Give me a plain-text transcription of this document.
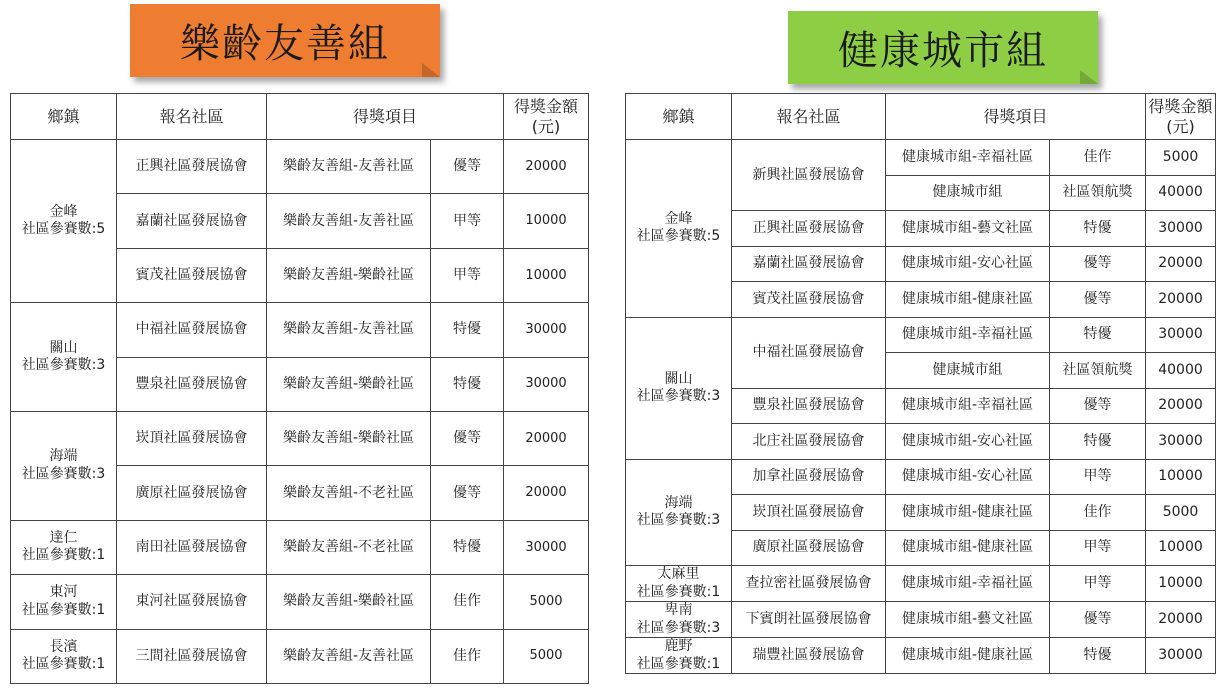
樂齡友善組	健康城市組
鄉鎮	報名社區	得獎項目		得獎金額(元)

金峰
社區參賽數:5	正興社區發展協會	樂齡友善組-友善社區	優等	20000
	嘉蘭社區發展協會	樂齡友善組-友善社區	甲等	10000
	賓茂社區發展協會	樂齡友善組-樂齡社區	甲等	10000

關山
社區參賽數:3	中福社區發展協會	樂齡友善組-友善社區	特優	30000
	豐泉社區發展協會	樂齡友善組-樂齡社區	特優	30000

海端
社區參賽數:3	崁頂社區發展協會	樂齡友善組-樂齡社區	優等	20000
	廣原社區發展協會	樂齡友善組-不老社區	優等	20000

達仁
社區參賽數:1	南田社區發展協會	樂齡友善組-不老社區	特優	30000

東河
社區參賽數:1	東河社區發展協會	樂齡友善組-樂齡社區	佳作	5000

長濱
社區參賽數:1	三間社區發展協會	樂齡友善組-友善社區	佳作	5000
鄉鎮	報名社區	得獎項目		得獎金額(元)

金峰
社區參賽數:5	新興社區發展協會	健康城市組-幸福社區	佳作	5000
		健康城市組	社區領航獎	40000
	正興社區發展協會	健康城市組-藝文社區	特優	30000
	嘉蘭社區發展協會	健康城市組-安心社區	優等	20000
	賓茂社區發展協會	健康城市組-健康社區	優等	20000

關山
社區參賽數:3	中福社區發展協會	健康城市組-幸福社區	特優	30000
		健康城市組	社區領航獎	40000
	豐泉社區發展協會	健康城市組-幸福社區	優等	20000
	北庄社區發展協會	健康城市組-安心社區	特優	30000

海端
社區參賽數:3	加拿社區發展協會	健康城市組-安心社區	甲等	10000
	崁頂社區發展協會	健康城市組-健康社區	佳作	5000
	廣原社區發展協會	健康城市組-健康社區	甲等	10000

太麻里
社區參賽數:1	查拉密社區發展協會	健康城市組-幸福社區	甲等	10000

卑南
社區參賽數:3	下賓朗社區發展協會	健康城市組-藝文社區	優等	20000

鹿野
社區參賽數:1	瑞豐社區發展協會	健康城市組-健康社區	特優	30000
